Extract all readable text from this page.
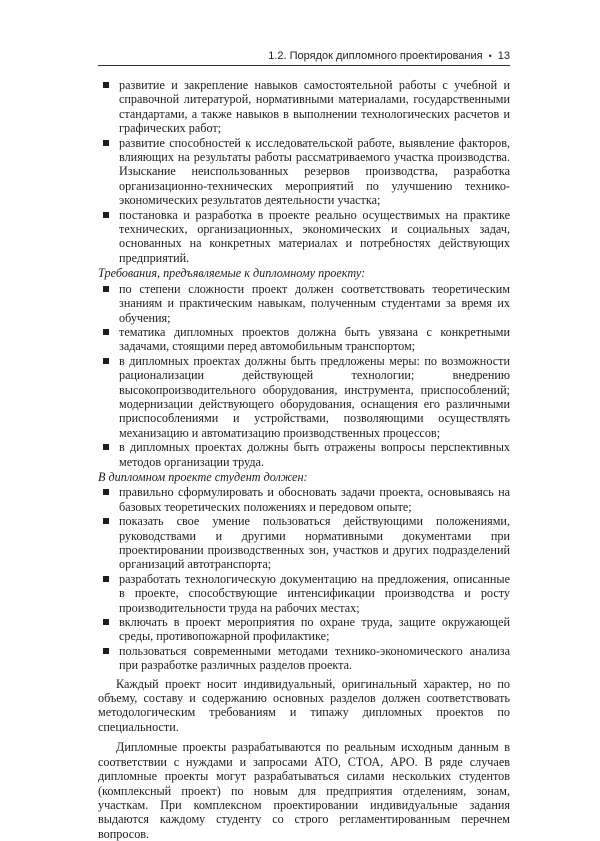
1.2. Порядок дипломного проектирования • 13
развитие и закрепление навыков самостоятельной работы с учебной и справочной литературой, нормативными материалами, государственными стандартами, а также навыков в выполнении технологических расчетов и графических работ;
развитие способностей к исследовательской работе, выявление факторов, влияющих на результаты работы рассматриваемого участка производства. Изыскание неиспользованных резервов производства, разработка организационно-технических мероприятий по улучшению технико-экономических результатов деятельности участка;
постановка и разработка в проекте реально осуществимых на практике технических, организационных, экономических и социальных задач, основанных на конкретных материалах и потребностях действующих предприятий.
Требования, предъявляемые к дипломному проекту:
по степени сложности проект должен соответствовать теоретическим знаниям и практическим навыкам, полученным студентами за время их обучения;
тематика дипломных проектов должна быть увязана с конкретными задачами, стоящими перед автомобильным транспортом;
в дипломных проектах должны быть предложены меры: по возможности рационализации действующей технологии; внедрению высокопроизводительного оборудования, инструмента, приспособлений; модернизации действующего оборудования, оснащения его различными приспособлениями и устройствами, позволяющими осуществлять механизацию и автоматизацию производственных процессов;
в дипломных проектах должны быть отражены вопросы перспективных методов организации труда.
В дипломном проекте студент должен:
правильно сформулировать и обосновать задачи проекта, основываясь на базовых теоретических положениях и передовом опыте;
показать свое умение пользоваться действующими положениями, руководствами и другими нормативными документами при проектировании производственных зон, участков и других подразделений организаций автотранспорта;
разработать технологическую документацию на предложения, описанные в проекте, способствующие интенсификации производства и росту производительности труда на рабочих местах;
включать в проект мероприятия по охране труда, защите окружающей среды, противопожарной профилактике;
пользоваться современными методами технико-экономического анализа при разработке различных разделов проекта.

Каждый проект носит индивидуальный, оригинальный характер, но по объему, составу и содержанию основных разделов должен соответствовать методологическим требованиям и типажу дипломных проектов по специальности.

Дипломные проекты разрабатываются по реальным исходным данным в соответствии с нуждами и запросами АТО, СТОА, АРО. В ряде случаев дипломные проекты могут разрабатываться силами нескольких студентов (комплексный проект) по новым для предприятия отделениям, зонам, участкам. При комплексном проектировании индивидуальные задания выдаются каждому студенту со строго регламентированным перечнем вопросов.
